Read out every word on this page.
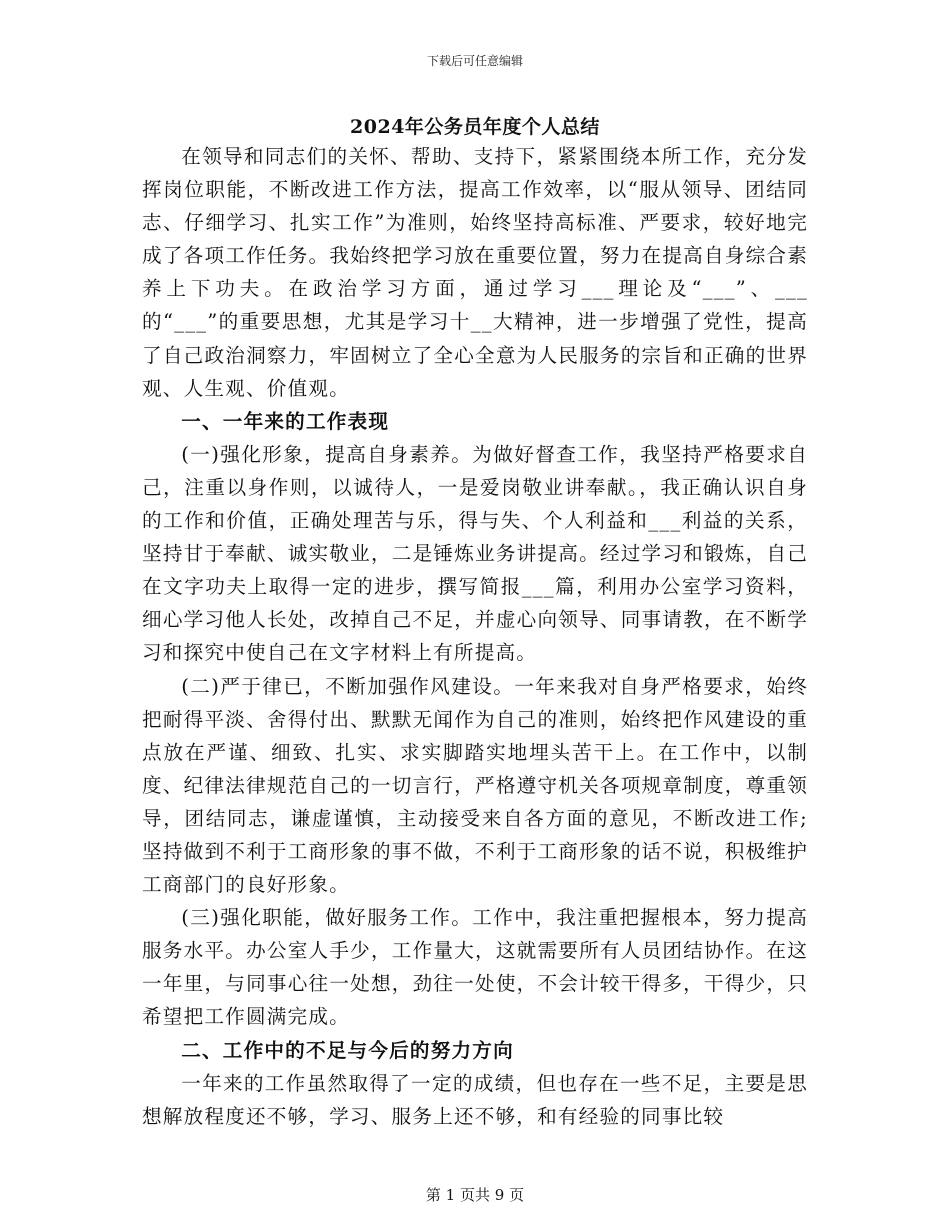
下载后可任意编辑
2024年公务员年度个人总结

在领导和同志们的关怀、帮助、支持下，紧紧围绕本所工作，充分发挥岗位职能，不断改进工作方法，提高工作效率，以“服从领导、团结同志、仔细学习、扎实工作”为准则，始终坚持高标准、严要求，较好地完成了各项工作任务。我始终把学习放在重要位置，努力在提高自身综合素养上下功夫。在政治学习方面，通过学习___理论及“___”、___的“___”的重要思想，尤其是学习十__大精神，进一步增强了党性，提高了自己政治洞察力，牢固树立了全心全意为人民服务的宗旨和正确的世界观、人生观、价值观。

一、一年来的工作表现

(一)强化形象，提高自身素养。为做好督查工作，我坚持严格要求自己，注重以身作则，以诚待人，一是爱岗敬业讲奉献。，我正确认识自身的工作和价值，正确处理苦与乐，得与失、个人利益和___利益的关系，坚持甘于奉献、诚实敬业，二是锤炼业务讲提高。经过学习和锻炼，自己在文字功夫上取得一定的进步，撰写简报___篇，利用办公室学习资料，细心学习他人长处，改掉自己不足，并虚心向领导、同事请教，在不断学习和探究中使自己在文字材料上有所提高。

(二)严于律已，不断加强作风建设。一年来我对自身严格要求，始终把耐得平淡、舍得付出、默默无闻作为自己的准则，始终把作风建设的重点放在严谨、细致、扎实、求实脚踏实地埋头苦干上。在工作中，以制度、纪律法律规范自己的一切言行，严格遵守机关各项规章制度，尊重领导，团结同志，谦虚谨慎，主动接受来自各方面的意见，不断改进工作;坚持做到不利于工商形象的事不做，不利于工商形象的话不说，积极维护工商部门的良好形象。

(三)强化职能，做好服务工作。工作中，我注重把握根本，努力提高服务水平。办公室人手少，工作量大，这就需要所有人员团结协作。在这一年里，与同事心往一处想，劲往一处使，不会计较干得多，干得少，只希望把工作圆满完成。

二、工作中的不足与今后的努力方向

一年来的工作虽然取得了一定的成绩，但也存在一些不足，主要是思想解放程度还不够，学习、服务上还不够，和有经验的同事比较

第 1 页共 9 页
